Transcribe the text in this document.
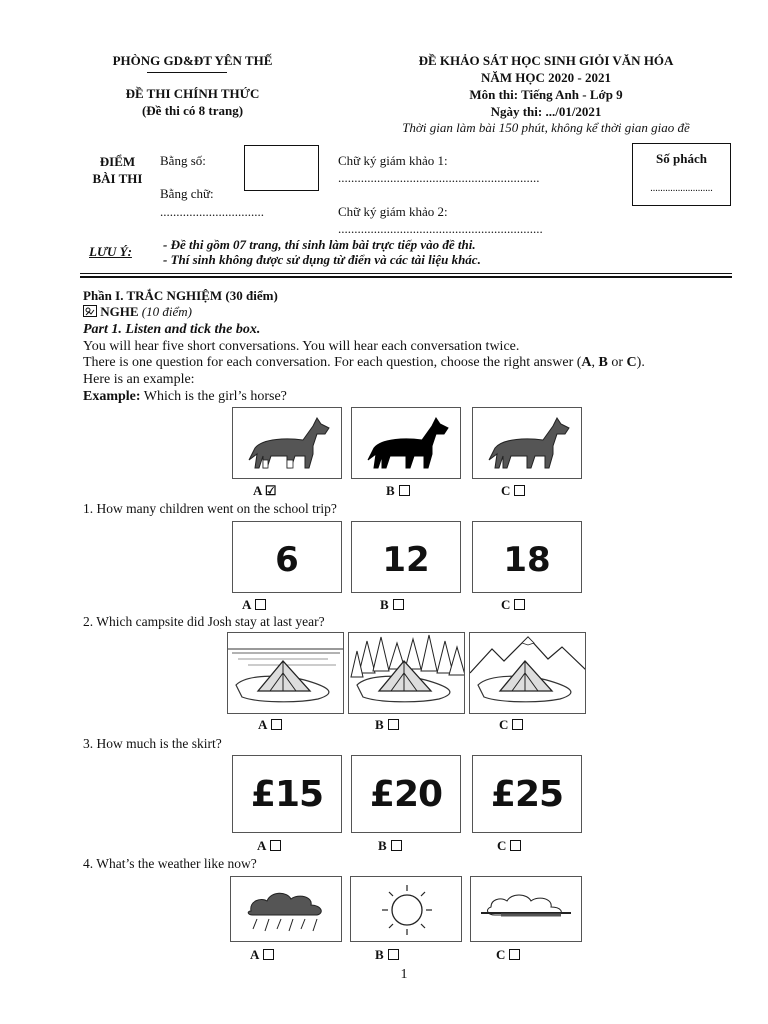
PHÒNG GD&ĐT YÊN THẾ
ĐỀ THI CHÍNH THỨC
(Đề thi có 8 trang)
ĐỀ KHẢO SÁT HỌC SINH GIỎI VĂN HÓA
NĂM HỌC 2020 - 2021
Môn thi: Tiếng Anh - Lớp 9
Ngày thi: .../01/2021
Thời gian làm bài 150 phút, không kể thời gian giao đề
ĐIỂM
BÀI THI
Bằng số:
Bằng chữ:
................................
Chữ ký giám khảo 1:
..............................................................
Chữ ký giám khảo 2:
...............................................................
Số phách
.........................
LƯU Ý: - Đề thi gồm 07 trang, thí sinh làm bài trực tiếp vào đề thi.
- Thí sinh không được sử dụng từ điển và các tài liệu khác.
Phần I. TRẮC NGHIỆM (30 điểm)
NGHE (10 điểm)
Part 1. Listen and tick the box.
You will hear five short conversations. You will hear each conversation twice.
There is one question for each conversation. For each question, choose the right answer (A, B or C).
Here is an example:
Example: Which is the girl’s horse?
A ☑	B	C
1. How many children went on the school trip?
6	12	18
A	B	C
2. Which campsite did Josh stay at last year?
A	B	C
3. How much is the skirt?
£15	£20	£25
A	B	C
4. What’s the weather like now?
A	B	C
1
